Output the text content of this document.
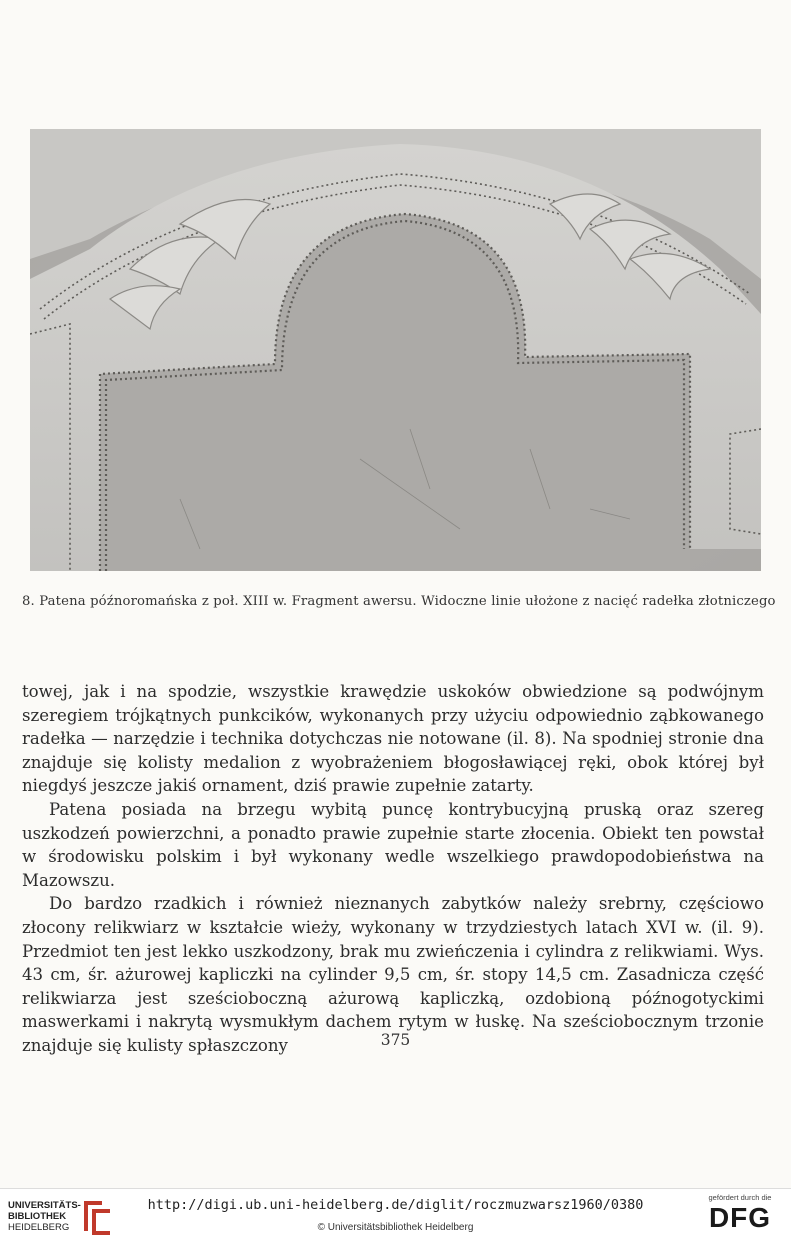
8. Patena późnoromańska z poł. XIII w. Fragment awersu. Widoczne linie ułożone z nacięć radełka złotniczego

towej, jak i na spodzie, wszystkie krawędzie uskoków obwiedzione są podwójnym szeregiem trójkątnych punkcików, wykonanych przy użyciu odpowiednio ząbkowanego radełka — narzędzie i technika dotychczas nie notowane (il. 8). Na spodniej stronie dna znajduje się kolisty medalion z wyobrażeniem błogosławiącej ręki, obok której był niegdyś jeszcze jakiś ornament, dziś prawie zupełnie zatarty.

Patena posiada na brzegu wybitą puncę kontrybucyjną pruską oraz szereg uszkodzeń powierzchni, a ponadto prawie zupełnie starte złocenia. Obiekt ten powstał w środowisku polskim i był wykonany wedle wszelkiego prawdopodobieństwa na Mazowszu.

Do bardzo rzadkich i również nieznanych zabytków należy srebrny, częściowo złocony relikwiarz w kształcie wieży, wykonany w trzydziestych latach XVI w. (il. 9). Przedmiot ten jest lekko uszkodzony, brak mu zwieńczenia i cylindra z relikwiami. Wys. 43 cm, śr. ażurowej kapliczki na cylinder 9,5 cm, śr. stopy 14,5 cm. Zasadnicza część relikwiarza jest sześcioboczną ażurową kapliczką, ozdobioną późnogotyckimi maswerkami i nakrytą wysmukłym dachem rytym w łuskę. Na sześciobocznym trzonie znajduje się kulisty spłaszczony	375
UNIVERSITÄTS-
BIBLIOTHEK
HEIDELBERG
http://digi.ub.uni-heidelberg.de/diglit/roczmuzwarsz1960/0380
© Universitätsbibliothek Heidelberg
gefördert durch die
DFG
